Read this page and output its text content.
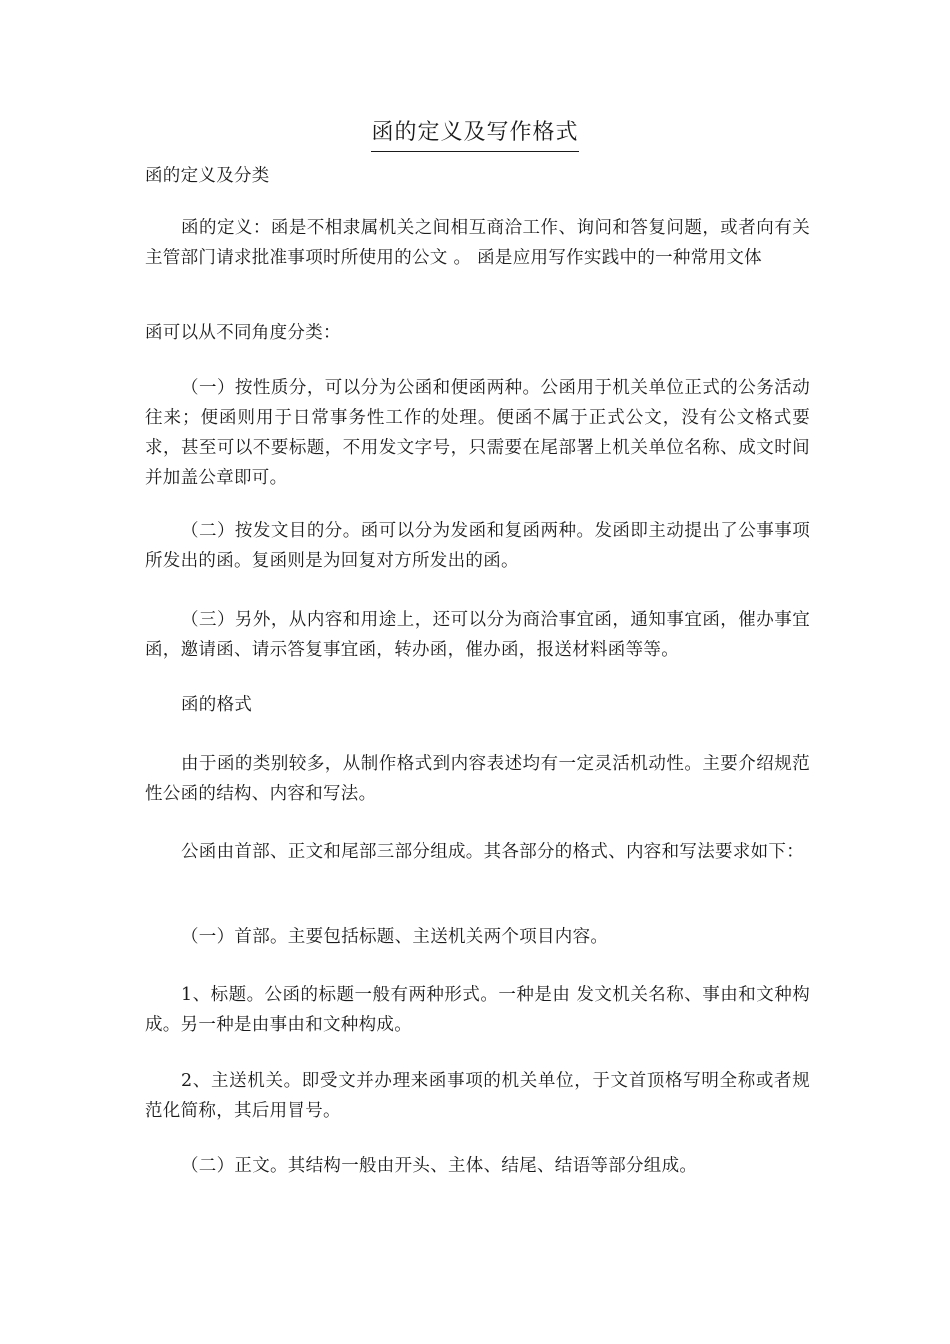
函的定义及写作格式

函的定义及分类

函的定义：函是不相隶属机关之间相互商洽工作、询问和答复问题，或者向有关主管部门请求批准事项时所使用的公文 。 函是应用写作实践中的一种常用文体

函可以从不同角度分类：

（一）按性质分，可以分为公函和便函两种。公函用于机关单位正式的公务活动往来；便函则用于日常事务性工作的处理。便函不属于正式公文，没有公文格式要求，甚至可以不要标题，不用发文字号，只需要在尾部署上机关单位名称、成文时间并加盖公章即可。

（二）按发文目的分。函可以分为发函和复函两种。发函即主动提出了公事事项所发出的函。复函则是为回复对方所发出的函。

（三）另外，从内容和用途上，还可以分为商洽事宜函，通知事宜函，催办事宜函，邀请函、请示答复事宜函，转办函，催办函，报送材料函等等。

函的格式

由于函的类别较多，从制作格式到内容表述均有一定灵活机动性。主要介绍规范性公函的结构、内容和写法。

公函由首部、正文和尾部三部分组成。其各部分的格式、内容和写法要求如下：

（一）首部。主要包括标题、主送机关两个项目内容。

1、标题。公函的标题一般有两种形式。一种是由 发文机关名称、事由和文种构成。另一种是由事由和文种构成。

2、主送机关。即受文并办理来函事项的机关单位，于文首顶格写明全称或者规范化简称，其后用冒号。

（二）正文。其结构一般由开头、主体、结尾、结语等部分组成。
